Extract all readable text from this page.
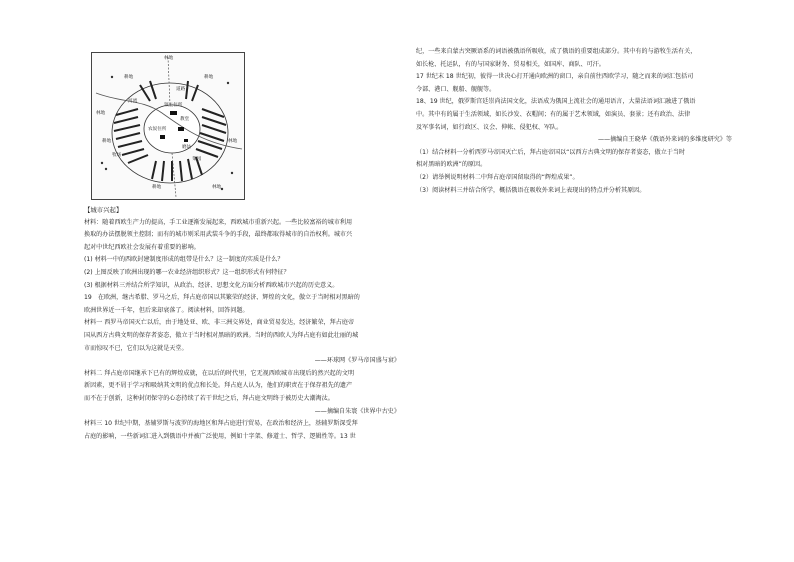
林地
耕地	耕地
林地
耕地	林地
耕地	林地
领主住所
教堂
农奴住所
磨坊
河流
道路
牧场
菜园

【城市兴起】

材料：随着西欧生产力的提高，手工业逐渐发展起来，西欧城市重新兴起。一些比较富裕的城市利用

换取的办法摆脱领主控制；而有的城市则采用武装斗争的手段，最终都取得城市的自治权利。城市兴

起对中世纪西欧社会发展有着重要的影响。

(1) 材料一中的西欧封建制度形成的组带是什么？这一制度的实质是什么？

(2) 上图反映了欧洲出现的哪一农业经济组织形式？这一组织形式有何特征？

(3) 根据材料三并结合所学知识，从政治、经济、思想文化方面分析西欧城市兴起的历史意义。

19　在欧洲，继古希腊、罗马之后，拜占庭帝国以其繁荣的经济、辉煌的文化，傲立于当时相对黑暗的

欧洲世界近一千年，但后来却衰落了。阅读材料，回答问题。

材料一 西罗马帝国灭亡以后，由于地处亚、欧、非三洲交界处，商业贸易发达，经济繁荣，拜占庭帝

国从西方古典文明的保存者姿态，傲立于当时相对黑暗的欧洲。当时的西欧人为拜占庭有如此壮丽的城

市而惊叹不已，它们以为这就是天堂。

——环球网《罗马帝国盛与衰》

材料二 拜占庭帝国继承下已有的辉煌成就，在以后的时代里，它无视西欧城市出现后的然兴起的文明

新因素，更不屑于学习和吸纳其文明的优点和长处。拜占庭人认为，他们的职责在于保存祖先的遗产

而不在于创新，这种封闭保守的心态持续了若干世纪之后，拜占庭文明终于被历史大潮淘汰。

——摘编自朱寰《世界中古史》

材料三 10 世纪中期，基辅罗斯与波罗的海地区和拜占庭进行贸易，在政治和经济上，基辅罗斯深受拜

占庭的影响，一些新词汇进入到俄语中并被广泛使用，例如十字架、修道士、哲学、逻辑性等。13 世

纪，一些来自蒙古突厥语系的词语被俄语所吸收，成了俄语的重要组成部分。其中有的与游牧生活有关，

如长枪、托运队，有的与国家財务、贸易相关，如国库、商队、可汗。

17 世纪末 18 世纪初，彼得一世决心打开通向欧洲的窗口，亲自前往西欧学习，随之而来的词汇包括司

令部、港口、舰船、舰舰等。

18、19 世纪，俄罗斯宫廷崇尚法国文化，法语成为俄国上流社会的通用语言，大量法语词汇融进了俄语

中。其中有的属于生活领域，如长沙发、衣帽间；有的属于艺术领域，如演员、套景；还有政治、法律

及军事名词，如行政区、议会、伸帐、侵犯权、军队。

——摘编自王晓华《俄语外来词的多维度研究》等

（1）结合材料一分析西罗马帝国灭亡后，拜占庭帝国以“以西方古典文明的保存者姿态，傲立于当时

相对黑暗的欧洲”的原因。

（2）请举例说明材料二中拜占庭帝国留取得的“辉煌成果”。

（3）阅读材料三并结合所学，概括俄语在吸收外来词上表现出的特点并分析其原因。
